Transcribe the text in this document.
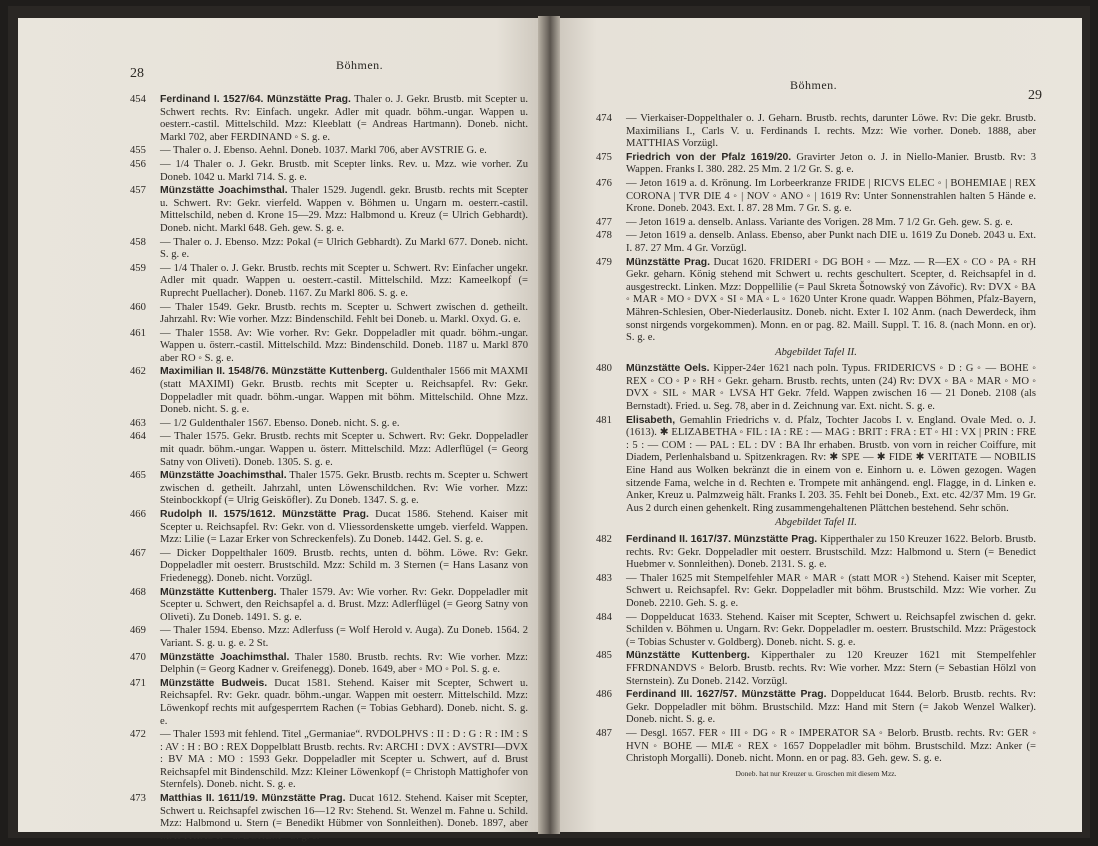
28
Böhmen.
454 Ferdinand I. 1527/64. Münzstätte Prag. Thaler o. J. Gekr. Brustb. mit Scepter u. Schwert rechts. Rv: Einfach. ungekr. Adler mit quadr. böhm.-ungar. Wappen u. oesterr.-castil. Mittelschild. Mzz: Kleeblatt (= Andreas Hartmann). Doneb. nicht. Markl 702, aber FERDINAND ◦ S. g. e.
455 — Thaler o. J. Ebenso. Aehnl. Doneb. 1037. Markl 706, aber AVSTRIE G. e.
456 — 1/4 Thaler o. J. Gekr. Brustb. mit Scepter links. Rev. u. Mzz. wie vorher. Zu Doneb. 1042 u. Markl 714. S. g. e.
457 Münzstätte Joachimsthal. Thaler 1529. Jugendl. gekr. Brustb. rechts mit Scepter u. Schwert. Rv: Gekr. vierfeld. Wappen v. Böhmen u. Ungarn m. oesterr.-castil. Mittelschild, neben d. Krone 15—29. Mzz: Halbmond u. Kreuz (= Ulrich Gebhardt). Doneb. nicht. Markl 648. Geh. gew. S. g. e.
458 — Thaler o. J. Ebenso. Mzz: Pokal (= Ulrich Gebhardt). Zu Markl 677. Doneb. nicht. S. g. e.
459 — 1/4 Thaler o. J. Gekr. Brustb. rechts mit Scepter u. Schwert. Rv: Einfacher ungekr. Adler mit quadr. Wappen u. oesterr.-castil. Mittelschild. Mzz: Kameelkopf (= Ruprecht Puellacher). Doneb. 1167. Zu Markl 806. S. g. e.
460 — Thaler 1549. Gekr. Brustb. rechts m. Scepter u. Schwert zwischen d. getheilt. Jahrzahl. Rv: Wie vorher. Mzz: Bindenschild. Fehlt bei Doneb. u. Markl. Oxyd. G. e.
461 — Thaler 1558. Av: Wie vorher. Rv: Gekr. Doppeladler mit quadr. böhm.-ungar. Wappen u. österr.-castil. Mittelschild. Mzz: Bindenschild. Doneb. 1187 u. Markl 870 aber RO ◦ S. g. e.
462 Maximilian II. 1548/76. Münzstätte Kuttenberg. Guldenthaler 1566 mit MAXMI (statt MAXIMI) Gekr. Brustb. rechts mit Scepter u. Reichsapfel. Rv: Gekr. Doppeladler mit quadr. böhm.-ungar. Wappen mit böhm. Mittelschild. Ohne Mzz. Doneb. nicht. S. g. e.
463 — 1/2 Guldenthaler 1567. Ebenso. Doneb. nicht. S. g. e.
464 — Thaler 1575. Gekr. Brustb. rechts mit Scepter u. Schwert. Rv: Gekr. Doppeladler mit quadr. böhm.-ungar. Wappen u. österr. Mittelschild. Mzz: Adlerflügel (= Georg Satny von Oliveti). Doneb. 1305. S. g. e.
465 Münzstätte Joachimsthal. Thaler 1575. Gekr. Brustb. rechts m. Scepter u. Schwert zwischen d. getheilt. Jahrzahl, unten Löwenschildchen. Rv: Wie vorher. Mzz: Steinbockkopf (= Ulrig Geisköfler). Zu Doneb. 1347. S. g. e.
466 Rudolph II. 1575/1612. Münzstätte Prag. Ducat 1586. Stehend. Kaiser mit Scepter u. Reichsapfel. Rv: Gekr. von d. Vliessordenskette umgeb. vierfeld. Wappen. Mzz: Lilie (= Lazar Erker von Schreckenfels). Zu Doneb. 1442. Gel. S. g. e.
467 — Dicker Doppelthaler 1609. Brustb. rechts, unten d. böhm. Löwe. Rv: Gekr. Doppeladler mit oesterr. Brustschild. Mzz: Schild m. 3 Sternen (= Hans Lasanz von Friedenegg). Doneb. nicht. Vorzügl.
468 Münzstätte Kuttenberg. Thaler 1579. Av: Wie vorher. Rv: Gekr. Doppeladler mit Scepter u. Schwert, den Reichsapfel a. d. Brust. Mzz: Adlerflügel (= Georg Satny von Oliveti). Zu Doneb. 1491. S. g. e.
469 — Thaler 1594. Ebenso. Mzz: Adlerfuss (= Wolf Herold v. Auga). Zu Doneb. 1564. 2 Variant. S. g. u. g. e. 2 St.
470 Münzstätte Joachimsthal. Thaler 1580. Brustb. rechts. Rv: Wie vorher. Mzz: Delphin (= Georg Kadner v. Greifenegg). Doneb. 1649, aber ◦ MO ◦ Pol. S. g. e.
471 Münzstätte Budweis. Ducat 1581. Stehend. Kaiser mit Scepter, Schwert u. Reichsapfel. Rv: Gekr. quadr. böhm.-ungar. Wappen mit oesterr. Mittelschild. Mzz: Löwenkopf rechts mit aufgesperrtem Rachen (= Tobias Gebhard). Doneb. nicht. S. g. e.
472 — Thaler 1593 mit fehlend. Titel „Germaniae“. RVDOLPHVS : II : D : G : R : IM : S : AV : H : BO : REX Doppelblatt Brustb. rechts. Rv: ARCHI : DVX : AVSTRI—DVX : BV MA : MO : 1593 Gekr. Doppeladler mit Scepter u. Schwert, auf d. Brust Reichsapfel mit Bindenschild. Mzz: Kleiner Löwenkopf (= Christoph Mattighofer von Sternfels). Doneb. nicht. S. g. e.
473 Matthias II. 1611/19. Münzstätte Prag. Ducat 1612. Stehend. Kaiser mit Scepter, Schwert u. Reichsapfel zwischen 16—12 Rv: Stehend. St. Wenzel m. Fahne u. Schild. Mzz: Halbmond u. Stern (= Benedikt Hübmer von Sonnleithen). Doneb. 1897, aber MATTHIAS II ◦ u. BOHEM ◦ S. g. e.
29
Böhmen.
474 — Vierkaiser-Doppelthaler o. J. Geharn. Brustb. rechts, darunter Löwe. Rv: Die gekr. Brustb. Maximilians I., Carls V. u. Ferdinands I. rechts. Mzz: Wie vorher. Doneb. 1888, aber MATTHIAS Vorzügl.
475 Friedrich von der Pfalz 1619/20. Gravirter Jeton o. J. in Niello-Manier. Brustb. Rv: 3 Wappen. Franks I. 380. 282. 25 Mm. 2 1/2 Gr. S. g. e.
476 — Jeton 1619 a. d. Krönung. Im Lorbeerkranze FRIDE | RICVS ELEC ◦ | BOHEMIAE | REX CORONA | TVR DIE 4 ◦ | NOV ◦ ANO ◦ | 1619 Rv: Unter Sonnenstrahlen halten 5 Hände e. Krone. Doneb. 2043. Ext. I. 87. 28 Mm. 7 Gr. S. g. e.
477 — Jeton 1619 a. denselb. Anlass. Variante des Vorigen. 28 Mm. 7 1/2 Gr. Geh. gew. S. g. e.
478 — Jeton 1619 a. denselb. Anlass. Ebenso, aber Punkt nach DIE u. 1619 Zu Doneb. 2043 u. Ext. I. 87. 27 Mm. 4 Gr. Vorzügl.
479 Münzstätte Prag. Ducat 1620. FRIDERI ◦ DG BOH ◦ — Mzz. — R—EX ◦ CO ◦ PA ◦ RH Gekr. geharn. König stehend mit Schwert u. rechts geschultert. Scepter, d. Reichsapfel in d. ausgestreckt. Linken. Mzz: Doppellilie (= Paul Skreta Šotnowský von Závořic). Rv: DVX ◦ BA ◦ MAR ◦ MO ◦ DVX ◦ SI ◦ MA ◦ L ◦ 1620 Unter Krone quadr. Wappen Böhmen, Pfalz-Bayern, Mähren-Schlesien, Ober-Niederlausitz. Doneb. nicht. Exter I. 102 Anm. (nach Dewerdeck, ihm sonst nirgends vorgekommen). Monn. en or pag. 82. Maill. Suppl. T. 16. 8. (nach Monn. en or). S. g. e.
Abgebildet Tafel II.
480 Münzstätte Oels. Kipper-24er 1621 nach poln. Typus. FRIDERICVS ◦ D : G ◦ — BOHE ◦ REX ◦ CO ◦ P ◦ RH ◦ Gekr. geharn. Brustb. rechts, unten (24) Rv: DVX ◦ BA ◦ MAR ◦ MO ◦ DVX ◦ SIL ◦ MAR ◦ LVSA HT Gekr. 7feld. Wappen zwischen 16 — 21 Doneb. 2108 (als Bernstadt). Fried. u. Seg. 78, aber in d. Zeichnung var. Ext. nicht. S. g. e.
481 Elisabeth, Gemahlin Friedrichs v. d. Pfalz, Tochter Jacobs I. v. England. Ovale Med. o. J. (1613). ✱ ELIZABETHA ◦ FIL : IA : RE : — MAG : BRIT : FRA : ET ◦ HI : VX | PRIN : FRE : 5 : — COM : — PAL : EL : DV : BA Ihr erhaben. Brustb. von vorn in reicher Coiffure, mit Diadem, Perlenhalsband u. Spitzenkragen. Rv: ✱ SPE — ✱ FIDE ✱ VERITATE — NOBILIS Eine Hand aus Wolken bekränzt die in einem von e. Einhorn u. e. Löwen gezogen. Wagen sitzende Fama, welche in d. Rechten e. Trompete mit anhängend. engl. Flagge, in d. Linken e. Anker, Kreuz u. Palmzweig hält. Franks I. 203. 35. Fehlt bei Doneb., Ext. etc. 42/37 Mm. 19 Gr. Aus 2 durch einen gehenkelt. Ring zusammengehaltenen Plättchen bestehend. Sehr schön.
Abgebildet Tafel II.
482 Ferdinand II. 1617/37. Münzstätte Prag. Kipperthaler zu 150 Kreuzer 1622. Belorb. Brustb. rechts. Rv: Gekr. Doppeladler mit oesterr. Brustschild. Mzz: Halbmond u. Stern (= Benedict Huebmer v. Sonnleithen). Doneb. 2131. S. g. e.
483 — Thaler 1625 mit Stempelfehler MAR ◦ MAR ◦ (statt MOR ◦) Stehend. Kaiser mit Scepter, Schwert u. Reichsapfel. Rv: Gekr. Doppeladler mit böhm. Brustschild. Mzz: Wie vorher. Zu Doneb. 2210. Geh. S. g. e.
484 — Doppelducat 1633. Stehend. Kaiser mit Scepter, Schwert u. Reichsapfel zwischen d. gekr. Schilden v. Böhmen u. Ungarn. Rv: Gekr. Doppeladler m. oesterr. Brustschild. Mzz: Prägestock (= Tobias Schuster v. Goldberg). Doneb. nicht. S. g. e.
485 Münzstätte Kuttenberg. Kipperthaler zu 120 Kreuzer 1621 mit Stempelfehler FFRDNANDVS ◦ Belorb. Brustb. rechts. Rv: Wie vorher. Mzz: Stern (= Sebastian Hölzl von Sternstein). Zu Doneb. 2142. Vorzügl.
486 Ferdinand III. 1627/57. Münzstätte Prag. Doppelducat 1644. Belorb. Brustb. rechts. Rv: Gekr. Doppeladler mit böhm. Brustschild. Mzz: Hand mit Stern (= Jakob Wenzel Walker). Doneb. nicht. S. g. e.
487 — Desgl. 1657. FER ◦ III ◦ DG ◦ R ◦ IMPERATOR SA ◦ Belorb. Brustb. rechts. Rv: GER ◦ HVN ◦ BOHE — MIÆ ◦ REX ◦ 1657 Doppeladler mit böhm. Brustschild. Mzz: Anker (= Christoph Morgalli). Doneb. nicht. Monn. en or pag. 83. Geh. gew. S. g. e.
Doneb. hat nur Kreuzer u. Groschen mit diesem Mzz.
